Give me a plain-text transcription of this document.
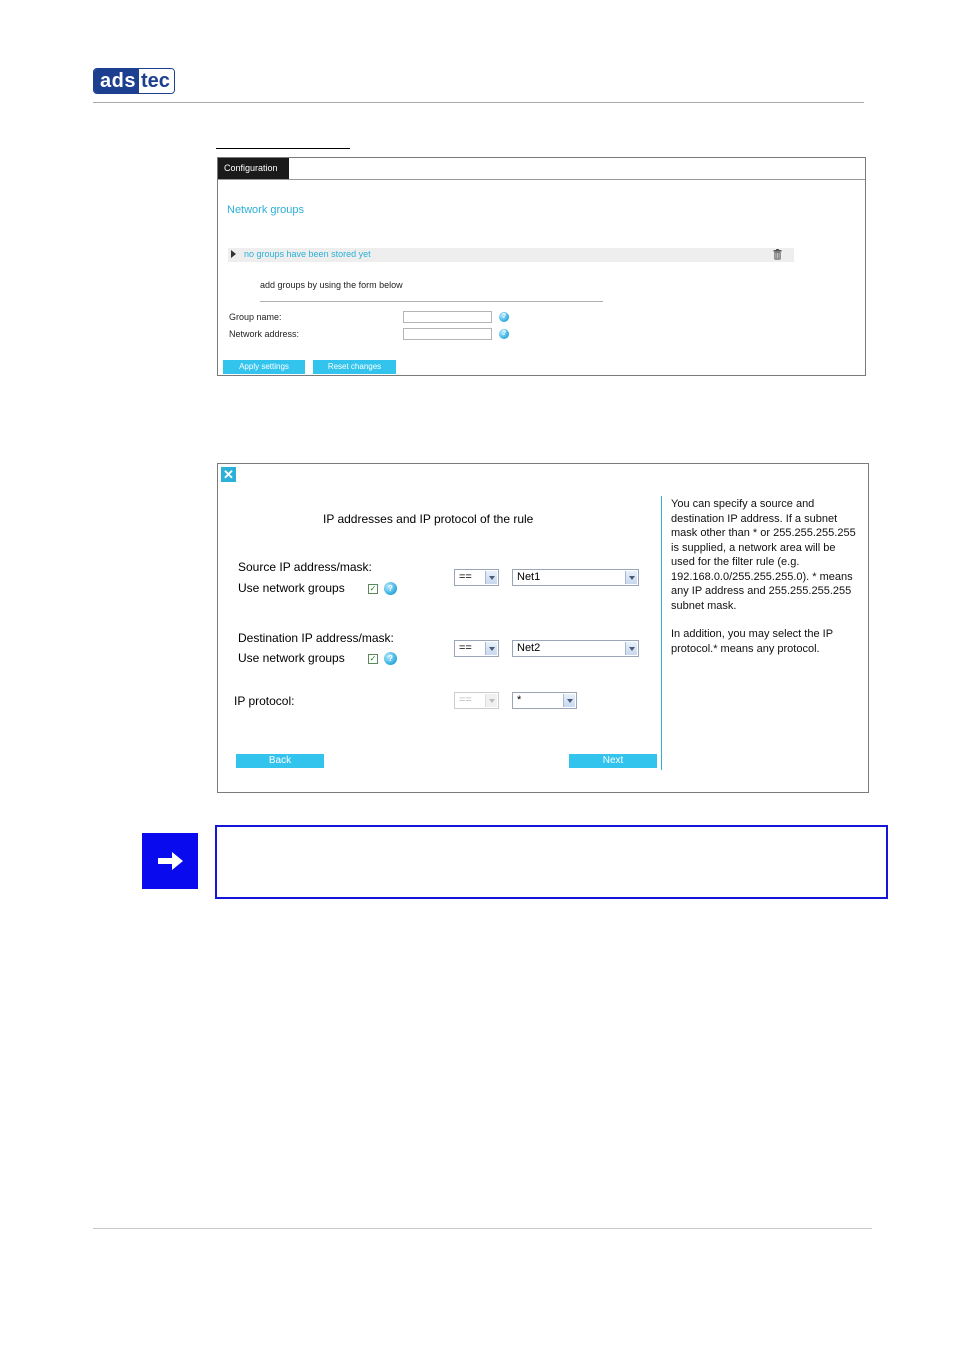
ads tec
Configuration
Network groups
no groups have been stored yet
add groups by using the form below
Group name:	?
Network address:	?
Apply settings	Reset changes
✕
IP addresses and IP protocol of the rule
Source IP address/mask:
Use network groups	✓	?
==	Net1
Destination IP address/mask:
Use network groups	✓	?
==	Net2
IP protocol:	==	*
Back	Next

You can specify a source and destination IP address. If a subnet mask other than * or 255.255.255.255 is supplied, a network area will be used for the filter rule (e.g. 192.168.0.0/255.255.255.0). * means any IP address and 255.255.255.255 subnet mask.

In addition, you may select the IP protocol.* means any protocol.
